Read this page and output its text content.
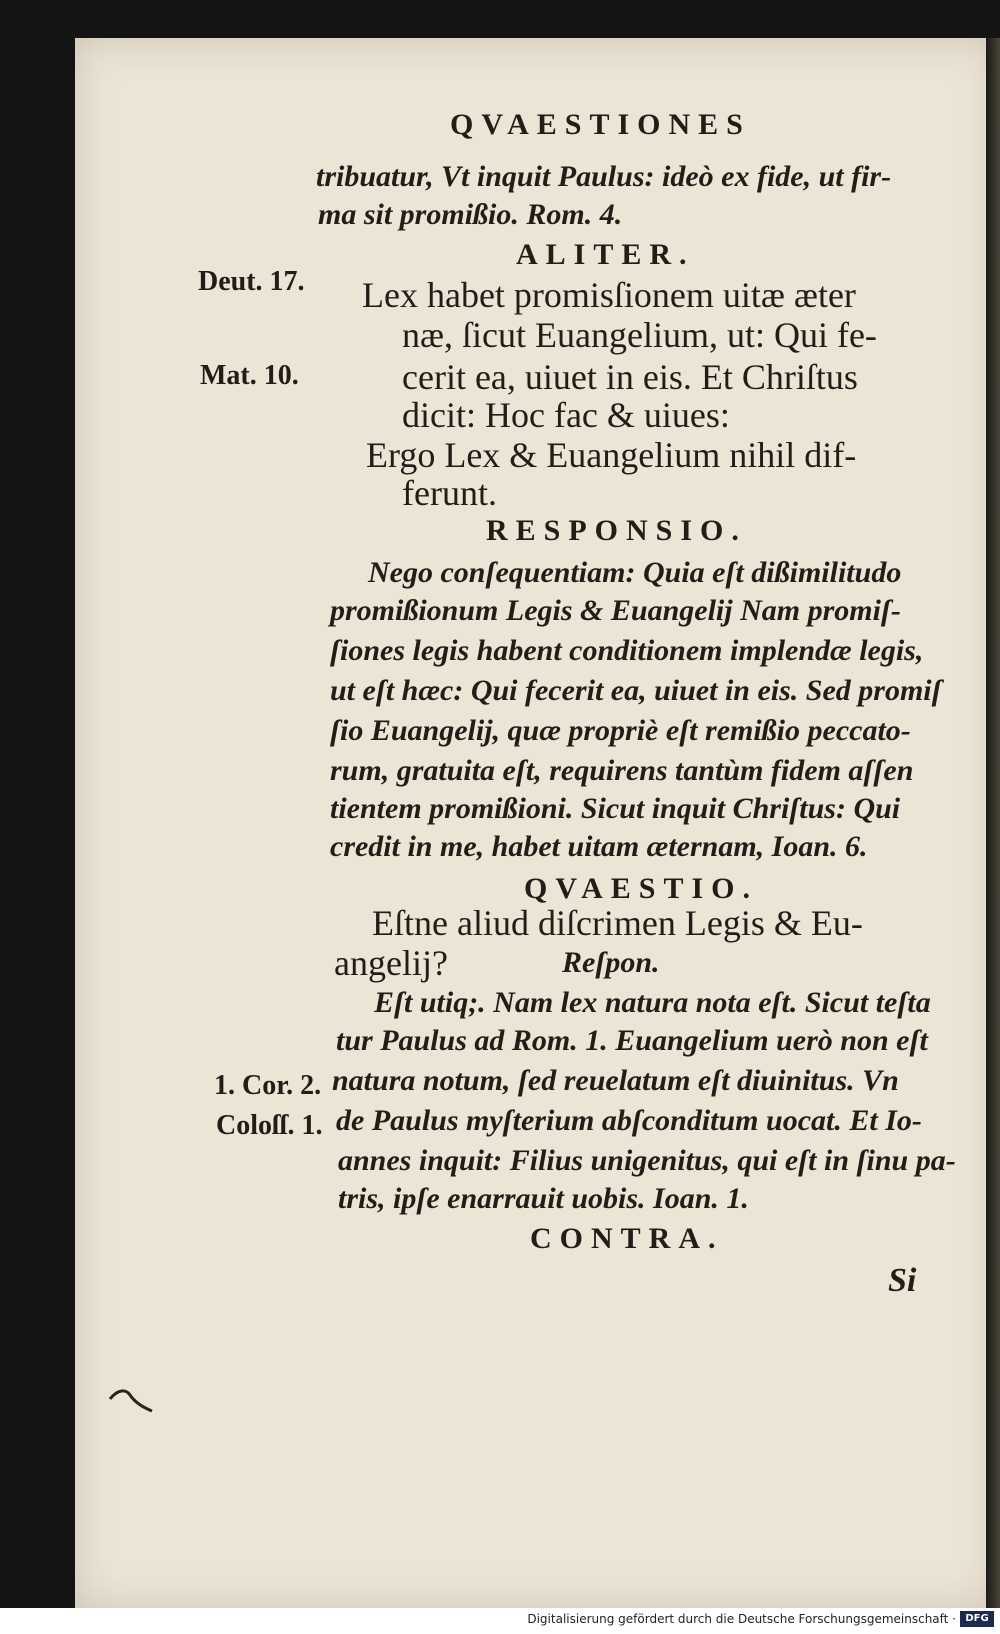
QVAESTIONES
tribuatur, Vt inquit Paulus: ideò ex fide, ut fir-
ma sit promißio. Rom. 4.
ALITER.
Lex habet promisſionem uitæ æter
næ, ſicut Euangelium, ut: Qui fe-
cerit ea, uiuet in eis. Et Chriſtus
dicit: Hoc fac & uiues:
Ergo Lex & Euangelium nihil dif-
ferunt.
RESPONSIO.
Nego conſequentiam: Quia eſt dißimilitudo
promißionum Legis & Euangelij Nam promiſ-
ſiones legis habent conditionem implendæ legis,
ut eſt hæc: Qui fecerit ea, uiuet in eis. Sed promiſ
ſio Euangelij, quæ propriè eſt remißio peccato-
rum, gratuita eſt, requirens tantùm fidem aſſen
tientem promißioni. Sicut inquit Chriſtus: Qui
credit in me, habet uitam æternam, Ioan. 6.
QVAESTIO.
Eſtne aliud diſcrimen Legis & Eu-
angelij?	Reſpon.
Eſt utiq;. Nam lex natura nota eſt. Sicut teſta
tur Paulus ad Rom. 1. Euangelium uerò non eſt
natura notum, ſed reuelatum eſt diuinitus. Vn
de Paulus myſterium abſconditum uocat. Et Io-
annes inquit: Filius unigenitus, qui eſt in ſinu pa-
tris, ipſe enarrauit uobis. Ioan. 1.
CONTRA.
Si
Deut. 17.
Mat. 10.
1. Cor. 2.
Coloſſ. 1.
Digitalisierung gefördert durch die Deutsche Forschungsgemeinschaft · DFG
